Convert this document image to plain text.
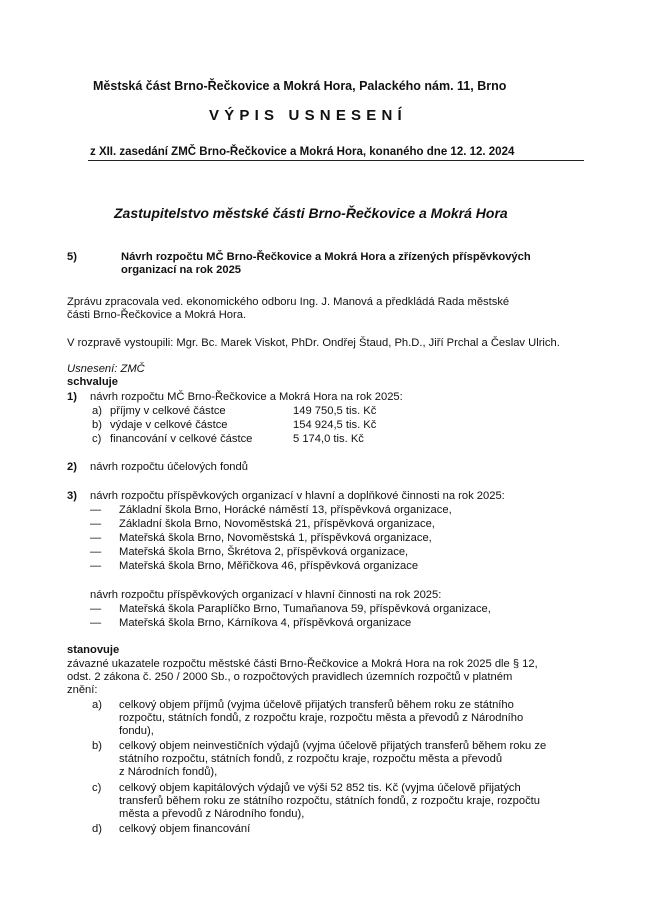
Městská část Brno-Řečkovice a Mokrá Hora, Palackého nám. 11, Brno
VÝPIS USNESENÍ
z XII. zasedání ZMČ Brno-Řečkovice a Mokrá Hora, konaného dne 12. 12. 2024
Zastupitelstvo městské části Brno-Řečkovice a Mokrá Hora
5)	Návrh rozpočtu MČ Brno-Řečkovice a Mokrá Hora a zřízených příspěvkových
organizací na rok 2025
Zprávu zpracovala ved. ekonomického odboru Ing. J. Manová a předkládá Rada městské
části Brno-Řečkovice a Mokrá Hora.
V rozpravě vystoupili: Mgr. Bc. Marek Viskot, PhDr. Ondřej Štaud, Ph.D., Jiří Prchal a Česlav Ulrich.
Usnesení: ZMČ
schvaluje
1) návrh rozpočtu MČ Brno-Řečkovice a Mokrá Hora na rok 2025:
a) příjmy v celkové částce	149 750,5 tis. Kč
b) výdaje v celkové částce	154 924,5 tis. Kč
c) financování v celkové částce	5 174,0 tis. Kč
2) návrh rozpočtu účelových fondů
3) návrh rozpočtu příspěvkových organizací v hlavní a doplňkové činnosti na rok 2025:
— Základní škola Brno, Horácké náměstí 13, příspěvková organizace,
— Základní škola Brno, Novoměstská 21, příspěvková organizace,
— Mateřská škola Brno, Novoměstská 1, příspěvková organizace,
— Mateřská škola Brno, Škrétova 2, příspěvková organizace,
— Mateřská škola Brno, Měřičkova 46, příspěvková organizace
návrh rozpočtu příspěvkových organizací v hlavní činnosti na rok 2025:
— Mateřská škola Paraplíčko Brno, Tumaňanova 59, příspěvková organizace,
— Mateřská škola Brno, Kárníkova 4, příspěvková organizace
stanovuje
závazné ukazatele rozpočtu městské části Brno-Řečkovice a Mokrá Hora na rok 2025 dle § 12,
odst. 2 zákona č. 250 / 2000 Sb., o rozpočtových pravidlech územních rozpočtů v platném
znění:
a) celkový objem příjmů (vyjma účelově přijatých transferů během roku ze státního
rozpočtu, státních fondů, z rozpočtu kraje, rozpočtu města a převodů z Národního
fondu),
b) celkový objem neinvestičních výdajů (vyjma účelově přijatých transferů během roku ze
státního rozpočtu, státních fondů, z rozpočtu kraje, rozpočtu města a převodů
z Národních fondů),
c) celkový objem kapitálových výdajů ve výši 52 852 tis. Kč (vyjma účelově přijatých
transferů během roku ze státního rozpočtu, státních fondů, z rozpočtu kraje, rozpočtu
města a převodů z Národního fondu),
d) celkový objem financování
